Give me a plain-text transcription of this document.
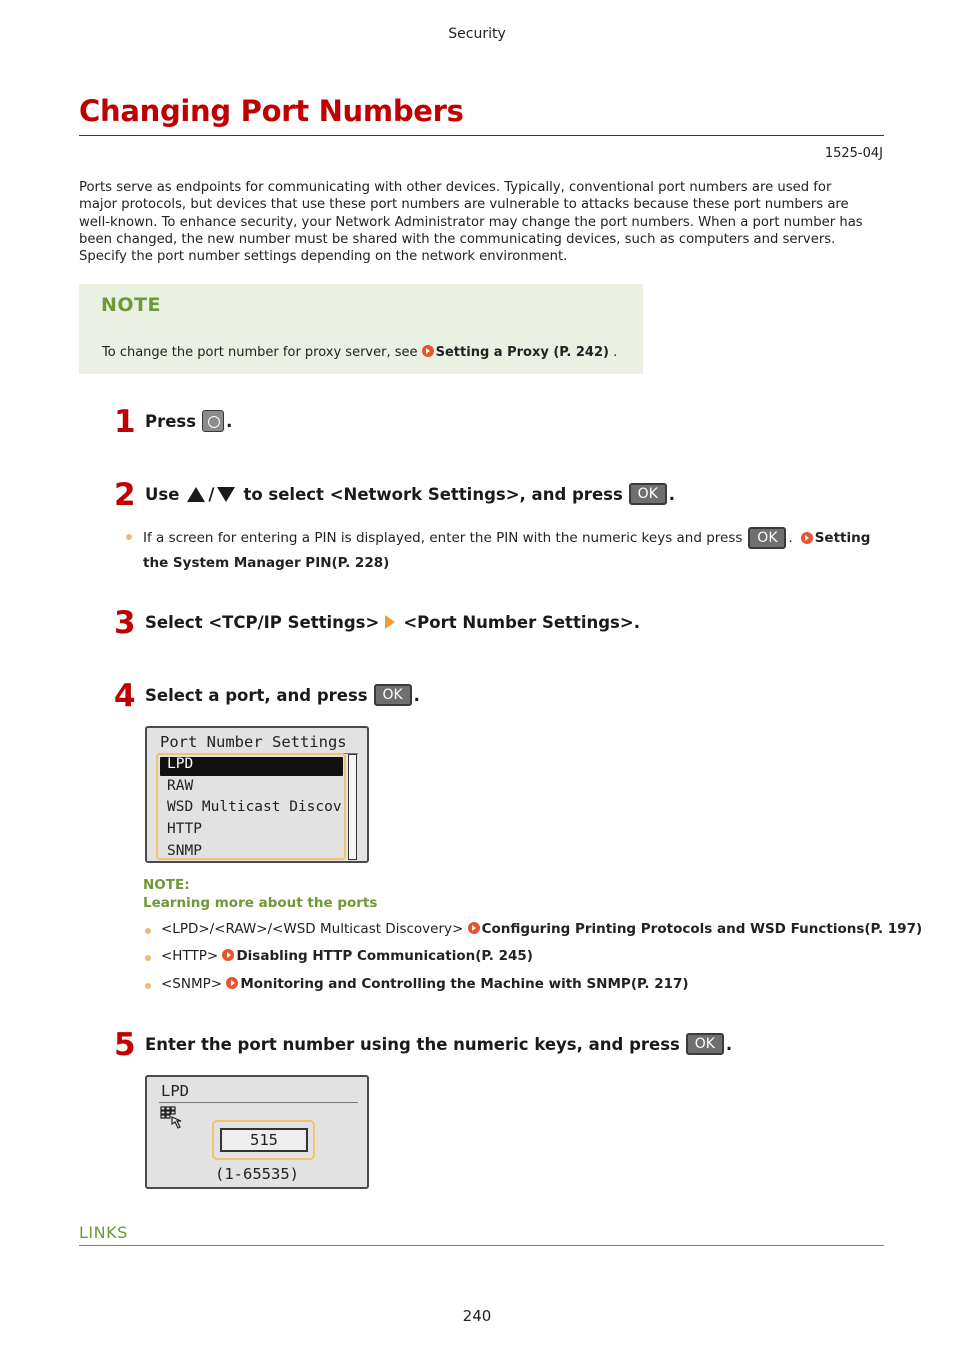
Security
Changing Port Numbers
1525-04J
Ports serve as endpoints for communicating with other devices. Typically, conventional port numbers are used for
major protocols, but devices that use these port numbers are vulnerable to attacks because these port numbers are
well-known. To enhance security, your Network Administrator may change the port numbers. When a port number has
been changed, the new number must be shared with the communicating devices, such as computers and servers.
Specify the port number settings depending on the network environment.
NOTE
To change the port number for proxy server, see Setting a Proxy (P. 242) .
1 Press .
2 Use / to select <Network Settings>, and press	OK .
If a screen for entering a PIN is displayed, enter the PIN with the numeric keys and press	OK . Setting
the System Manager PIN(P. 228)
3 Select <TCP/IP Settings> <Port Number Settings>.
4 Select a port, and press	OK .
Port Number Settings
LPD
RAW
WSD Multicast Discov
HTTP
SNMP
NOTE:
Learning more about the ports
<LPD>/<RAW>/<WSD Multicast Discovery> Configuring Printing Protocols and WSD Functions(P. 197)
<HTTP> Disabling HTTP Communication(P. 245)
<SNMP> Monitoring and Controlling the Machine with SNMP(P. 217)
5 Enter the port number using the numeric keys, and press	OK .
LPD
515
(1-65535)
LINKS
240
